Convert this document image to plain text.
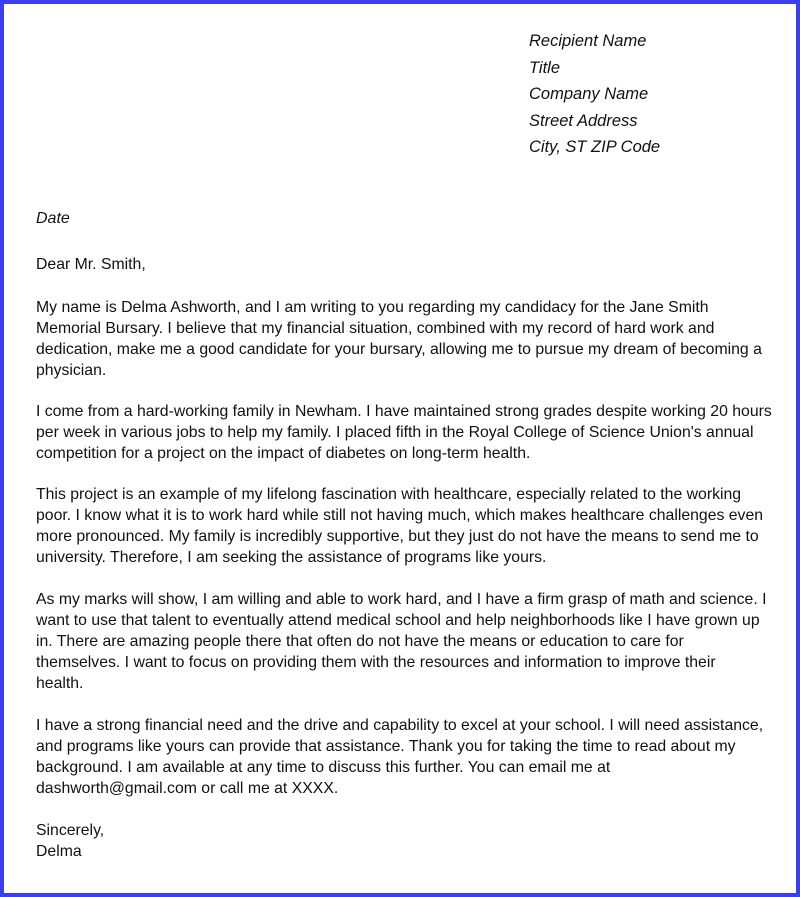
Recipient Name
Title
Company Name
Street Address
City, ST ZIP Code
Date
Dear Mr. Smith,
My name is Delma Ashworth, and I am writing to you regarding my candidacy for the Jane Smith
Memorial Bursary. I believe that my financial situation, combined with my record of hard work and
dedication, make me a good candidate for your bursary, allowing me to pursue my dream of becoming a
physician.
I come from a hard-working family in Newham. I have maintained strong grades despite working 20 hours
per week in various jobs to help my family. I placed fifth in the Royal College of Science Union's annual
competition for a project on the impact of diabetes on long-term health.
This project is an example of my lifelong fascination with healthcare, especially related to the working
poor. I know what it is to work hard while still not having much, which makes healthcare challenges even
more pronounced. My family is incredibly supportive, but they just do not have the means to send me to
university. Therefore, I am seeking the assistance of programs like yours.
As my marks will show, I am willing and able to work hard, and I have a firm grasp of math and science. I
want to use that talent to eventually attend medical school and help neighborhoods like I have grown up
in. There are amazing people there that often do not have the means or education to care for
themselves. I want to focus on providing them with the resources and information to improve their
health.
I have a strong financial need and the drive and capability to excel at your school. I will need assistance,
and programs like yours can provide that assistance. Thank you for taking the time to read about my
background. I am available at any time to discuss this further. You can email me at
dashworth@gmail.com or call me at XXXX.
Sincerely,
Delma
